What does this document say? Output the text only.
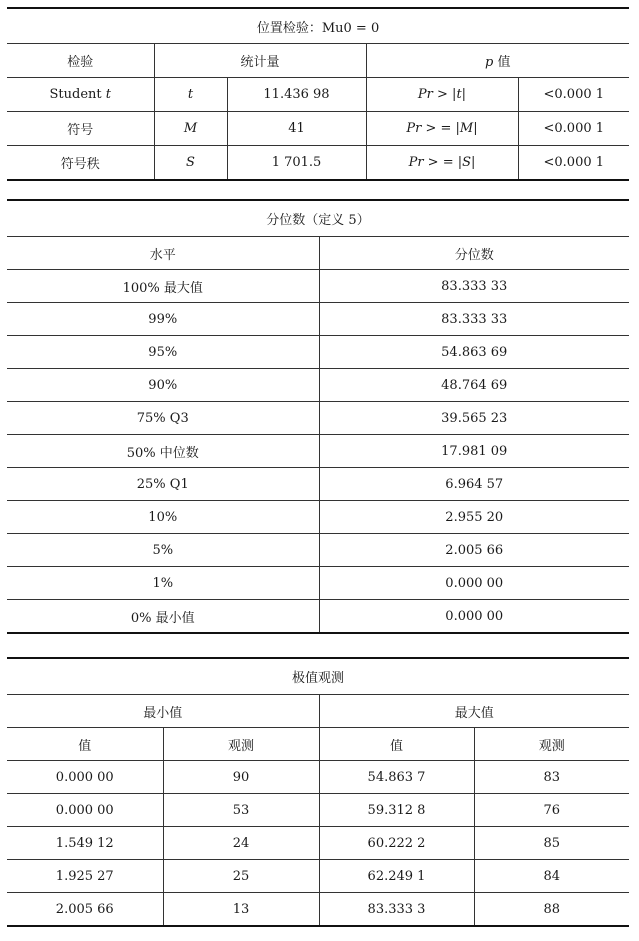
位置检验：Mu0 = 0				
检验	统计量		p 值	
Student t	t	11.436 98	Pr > |t|	<0.000 1
符号	M	41	Pr > = |M|	<0.000 1
符号秩	S	1 701.5	Pr > = |S|	<0.000 1
分位数（定义 5）	
水平	分位数
100% 最大值	83.333 33
99%	83.333 33
95%	54.863 69
90%	48.764 69
75% Q3	39.565 23
50% 中位数	17.981 09
25% Q1	6.964 57
10%	2.955 20
5%	2.005 66
1%	0.000 00
0% 最小值	0.000 00
极值观测			
最小值		最大值	
值	观测	值	观测
0.000 00	90	54.863 7	83
0.000 00	53	59.312 8	76
1.549 12	24	60.222 2	85
1.925 27	25	62.249 1	84
2.005 66	13	83.333 3	88
